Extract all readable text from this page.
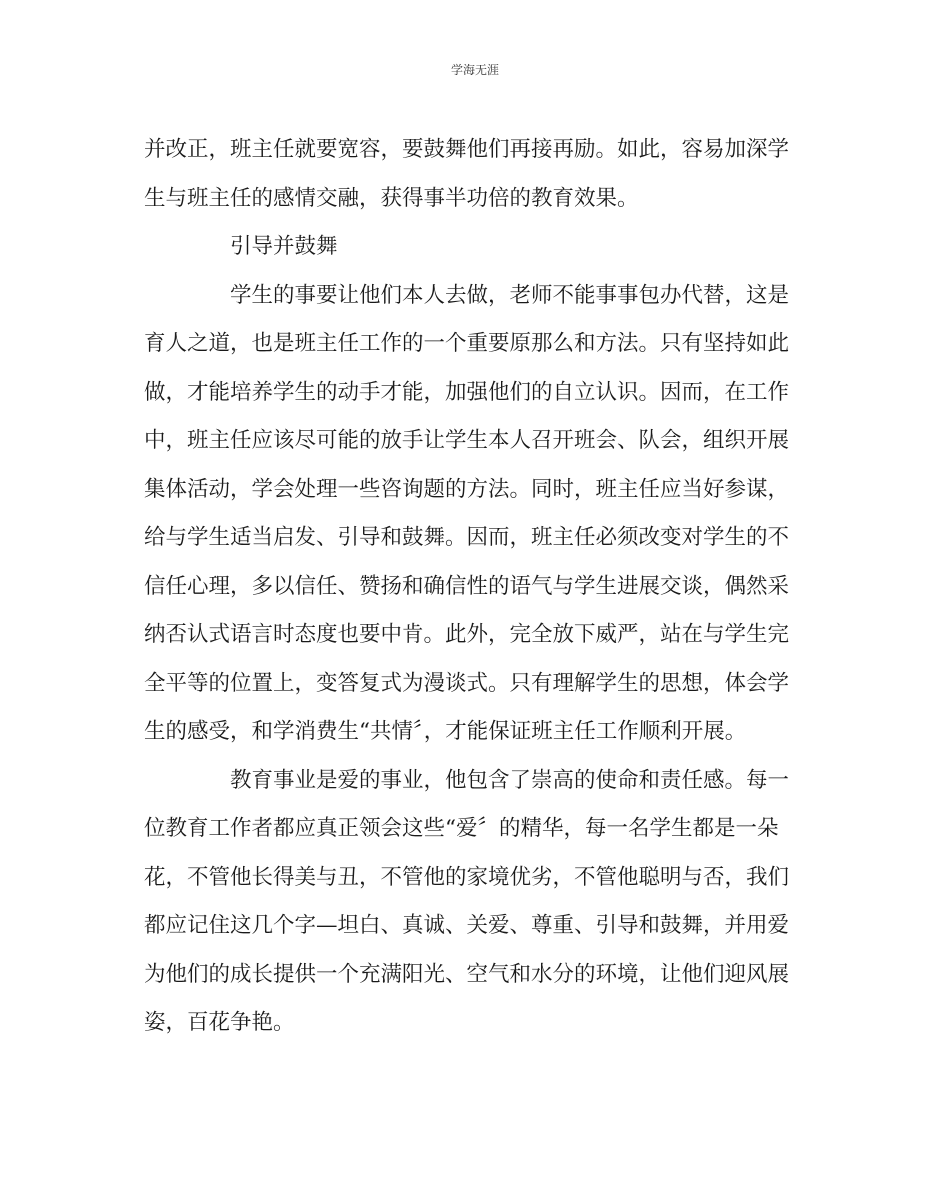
学海无涯
并改正，班主任就要宽容，要鼓舞他们再接再励。如此，容易加深学
生与班主任的感情交融，获得事半功倍的教育效果。
引导并鼓舞
学生的事要让他们本人去做，老师不能事事包办代替，这是
育人之道，也是班主任工作的一个重要原那么和方法。只有坚持如此
做，才能培养学生的动手才能，加强他们的自立认识。因而，在工作
中，班主任应该尽可能的放手让学生本人召开班会、队会，组织开展
集体活动，学会处理一些咨询题的方法。同时，班主任应当好参谋，
给与学生适当启发、引导和鼓舞。因而，班主任必须改变对学生的不
信任心理，多以信任、赞扬和确信性的语气与学生进展交谈，偶然采
纳否认式语言时态度也要中肯。此外，完全放下威严，站在与学生完
全平等的位置上，变答复式为漫谈式。只有理解学生的思想，体会学
生的感受，和学消费生“共情〞，才能保证班主任工作顺利开展。
教育事业是爱的事业，他包含了崇高的使命和责任感。每一
位教育工作者都应真正领会这些“爱〞的精华，每一名学生都是一朵
花，不管他长得美与丑，不管他的家境优劣，不管他聪明与否，我们
都应记住这几个字—坦白、真诚、关爱、尊重、引导和鼓舞，并用爱
为他们的成长提供一个充满阳光、空气和水分的环境，让他们迎风展
姿，百花争艳。
